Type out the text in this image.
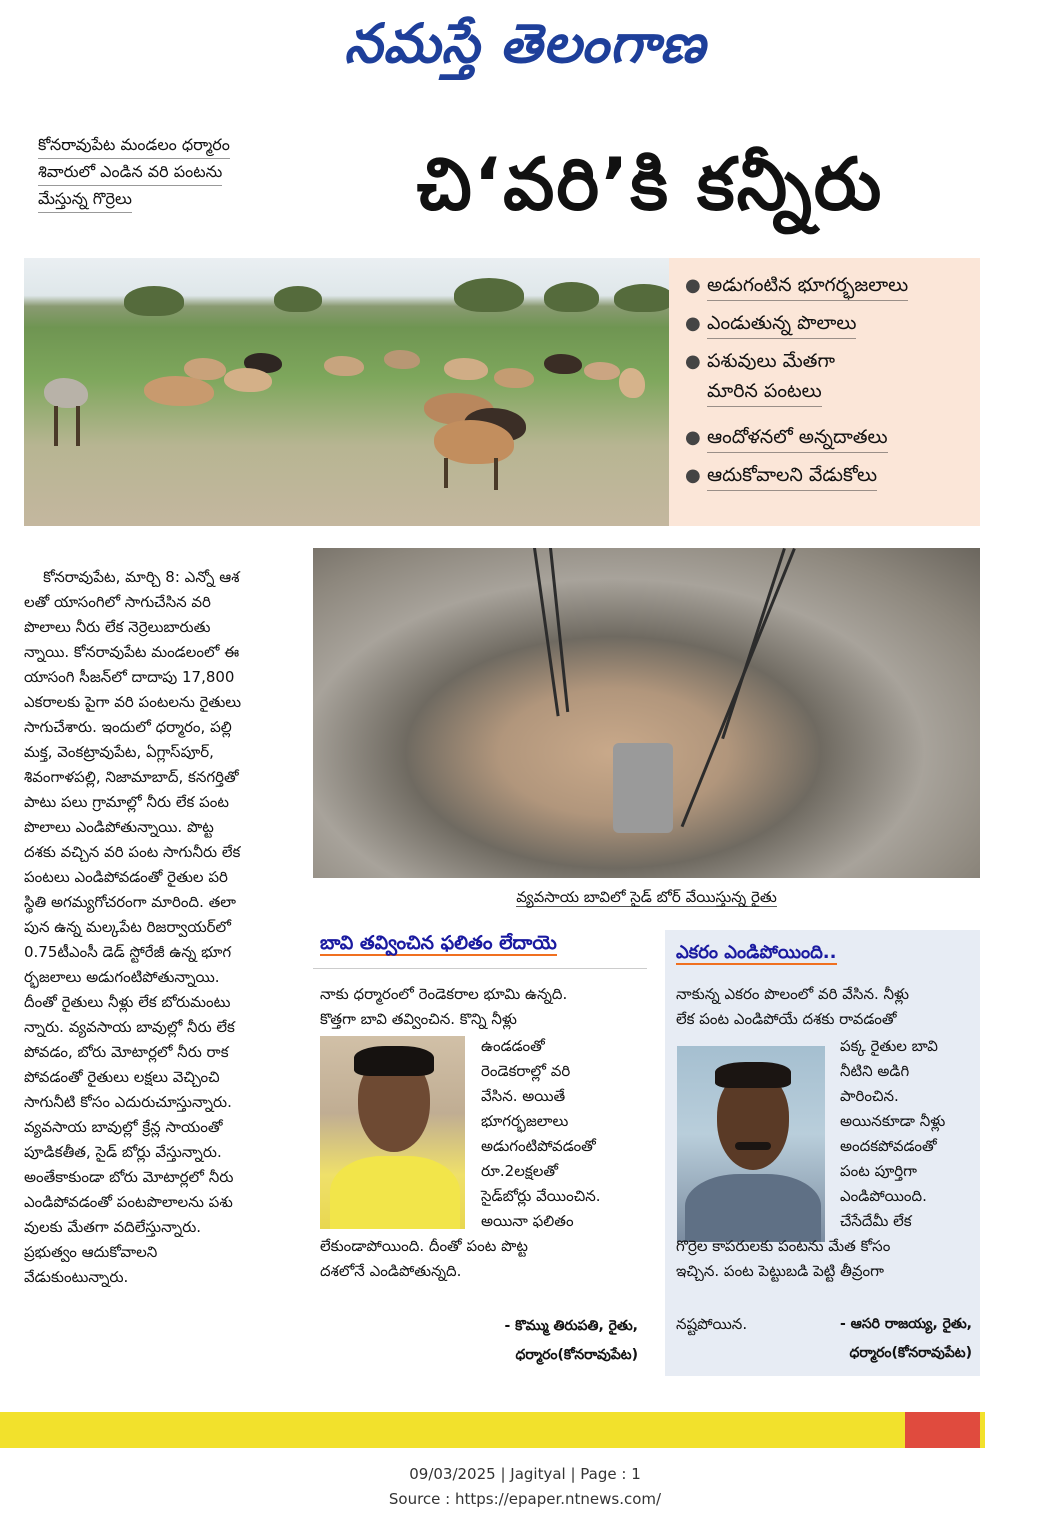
నమస్తే తెలంగాణ
కోనరావుపేట మండలం ధర్మారం
శివారులో ఎండిన వరి పంటను
మేస్తున్న గొర్రెలు	చి‘వరి’కి కన్నీరు
● అడుగంటిన భూగర్భజలాలు
● ఎండుతున్న పొలాలు
● పశువులు మేతగా
మారిన పంటలు
● ఆందోళనలో అన్నదాతలు
● ఆదుకోవాలని వేడుకోలు
కోనరావుపేట, మార్చి 8: ఎన్నో ఆశ
లతో యాసంగిలో సాగుచేసిన వరి
పొలాలు నీరు లేక నెర్రెలుబారుతు
న్నాయి. కోనరావుపేట మండలంలో ఈ
యాసంగి సీజన్‌లో దాదాపు 17,800
ఎకరాలకు పైగా వరి పంటలను రైతులు
సాగుచేశారు. ఇందులో ధర్మారం, పల్లి
మక్త, వెంకట్రావుపేట, ఏగ్లాస్‌పూర్,
శివంగాళపల్లి, నిజామాబాద్, కనగర్తితో
పాటు పలు గ్రామాల్లో నీరు లేక పంట
పొలాలు ఎండిపోతున్నాయి. పొట్ట
దశకు వచ్చిన వరి పంట సాగునీరు లేక
పంటలు ఎండిపోవడంతో రైతుల పరి
స్థితి అగమ్యగోచరంగా మారింది. తలా
పున ఉన్న మల్కపేట రిజర్వాయర్‌లో
0.75టీఎంసీ డెడ్ స్టోరేజీ ఉన్న భూగ
ర్భజలాలు అడుగంటిపోతున్నాయి.
దీంతో రైతులు నీళ్లు లేక బోరుమంటు
న్నారు. వ్యవసాయ బావుల్లో నీరు లేక
పోవడం, బోరు మోటార్లలో నీరు రాక
పోవడంతో రైతులు లక్షలు వెచ్చించి
సాగునీటి కోసం ఎదురుచూస్తున్నారు.
వ్యవసాయ బావుల్లో క్రేన్ల సాయంతో
పూడికతీత, సైడ్ బోర్లు వేస్తున్నారు.
అంతేకాకుండా బోరు మోటార్లలో నీరు
ఎండిపోవడంతో పంటపొలాలను పశు
వులకు మేతగా వదిలేస్తున్నారు.
ప్రభుత్వం ఆదుకోవాలని
వేడుకుంటున్నారు.
వ్యవసాయ బావిలో సైడ్ బోర్ వేయిస్తున్న రైతు
బావి తవ్వించిన ఫలితం లేదాయె
నాకు ధర్మారంలో రెండెకరాల భూమి ఉన్నది.
కొత్తగా బావి తవ్వించిన. కొన్ని నీళ్లు
ఉండడంతో
రెండెకరాల్లో వరి
వేసిన. అయితే
భూగర్భజలాలు
అడుగంటిపోవడంతో
రూ.2లక్షలతో
సైడ్‌బోర్లు వేయించిన.
అయినా ఫలితం
లేకుండాపోయింది. దీంతో పంట పొట్ట
దశలోనే ఎండిపోతున్నది.
- కొమ్ము తిరుపతి, రైతు,
ధర్మారం(కోనరావుపేట)
ఎకరం ఎండిపోయింది..
నాకున్న ఎకరం పొలంలో వరి వేసిన. నీళ్లు
లేక పంట ఎండిపోయే దశకు రావడంతో
పక్క రైతుల బావి
నీటిని అడిగి
పారించిన.
అయినకూడా నీళ్లు
అందకపోవడంతో
పంట పూర్తిగా
ఎండిపోయింది.
చేసేదేమీ లేక
గొర్రెల కాపరులకు పంటను మేత కోసం
ఇచ్చిన. పంట పెట్టుబడి పెట్టి తీవ్రంగా
నష్టపోయిన.	- ఆసరి రాజయ్య, రైతు,
ధర్మారం(కోనరావుపేట)
09/03/2025 | Jagityal | Page : 1
Source : https://epaper.ntnews.com/
